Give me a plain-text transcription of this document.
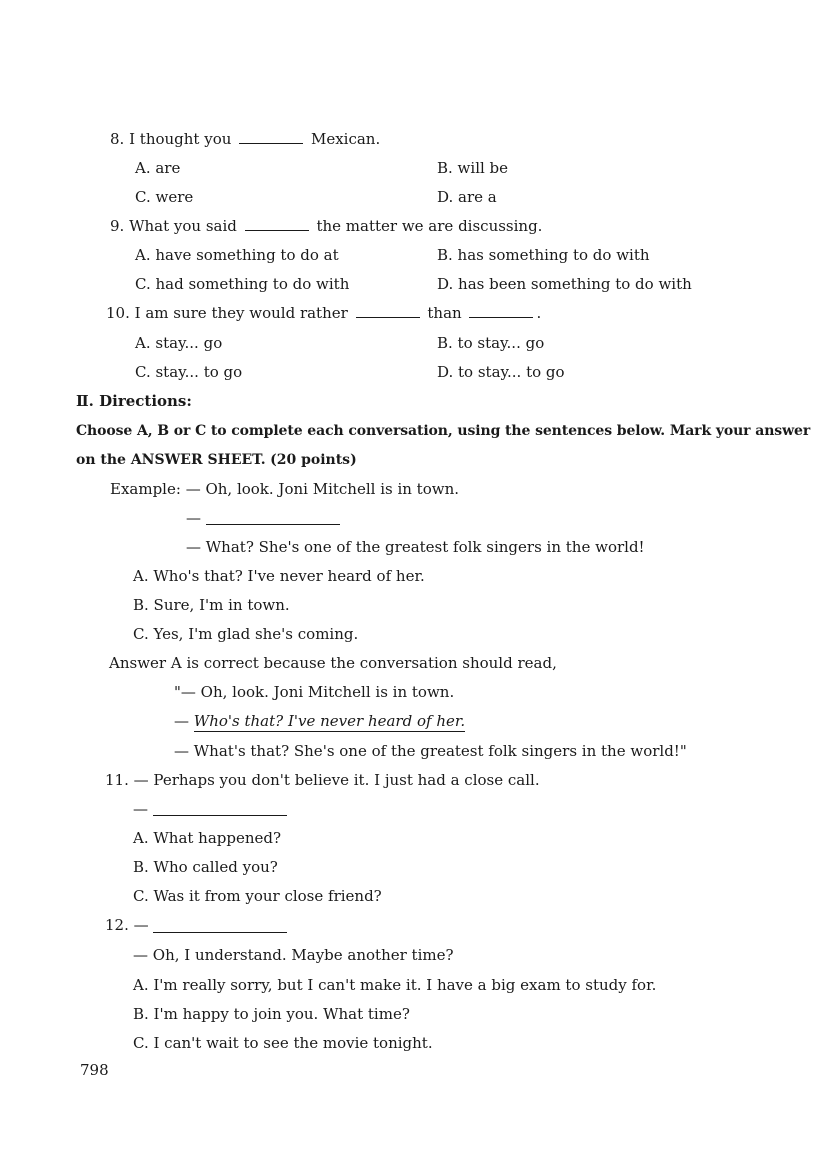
8. I thought you	Mexican.
A. are	B. will be
C. were	D. are a
9. What you said	the matter we are discussing.
A. have something to do at	B. has something to do with
C. had something to do with	D. has been something to do with
10. I am sure they would rather	than	.
A. stay... go	B. to stay... go
C. stay... to go	D. to stay... to go
Ⅱ. Directions:
Choose A, B or C to complete each conversation, using the sentences below. Mark your answer
on the ANSWER SHEET. (20 points)
Example: — Oh, look. Joni Mitchell is in town.
—
— What? She's one of the greatest folk singers in the world!
A. Who's that? I've never heard of her.
B. Sure, I'm in town.
C. Yes, I'm glad she's coming.
Answer A is correct because the conversation should read,
"— Oh, look. Joni Mitchell is in town.
— Who's that? I've never heard of her.
— What's that? She's one of the greatest folk singers in the world!"
11. — Perhaps you don't believe it. I just had a close call.
—
A. What happened?
B. Who called you?
C. Was it from your close friend?
12. —
— Oh, I understand. Maybe another time?
A. I'm really sorry, but I can't make it. I have a big exam to study for.
B. I'm happy to join you. What time?
C. I can't wait to see the movie tonight.
798
